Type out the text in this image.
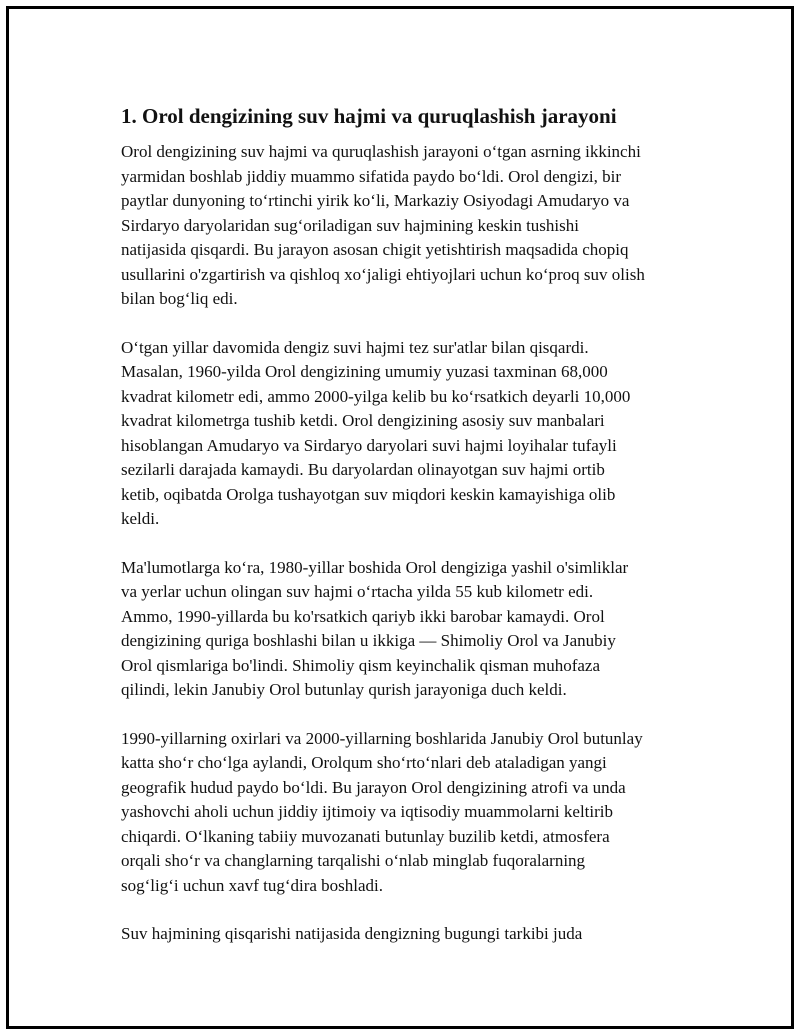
1. Orol dengizining suv hajmi va quruqlashish jarayoni

Orol dengizining suv hajmi va quruqlashish jarayoni o‘tgan asrning ikkinchi
yarmidan boshlab jiddiy muammo sifatida paydo bo‘ldi. Orol dengizi, bir
paytlar dunyoning to‘rtinchi yirik ko‘li, Markaziy Osiyodagi Amudaryo va
Sirdaryo daryolaridan sug‘oriladigan suv hajmining keskin tushishi
natijasida qisqardi. Bu jarayon asosan chigit yetishtirish maqsadida chopiq
usullarini o'zgartirish va qishloq xo‘jaligi ehtiyojlari uchun ko‘proq suv olish
bilan bog‘liq edi.

O‘tgan yillar davomida dengiz suvi hajmi tez sur'atlar bilan qisqardi.
Masalan, 1960-yilda Orol dengizining umumiy yuzasi taxminan 68,000
kvadrat kilometr edi, ammo 2000-yilga kelib bu ko‘rsatkich deyarli 10,000
kvadrat kilometrga tushib ketdi. Orol dengizining asosiy suv manbalari
hisoblangan Amudaryo va Sirdaryo daryolari suvi hajmi loyihalar tufayli
sezilarli darajada kamaydi. Bu daryolardan olinayotgan suv hajmi ortib
ketib, oqibatda Orolga tushayotgan suv miqdori keskin kamayishiga olib
keldi.

Ma'lumotlarga ko‘ra, 1980-yillar boshida Orol dengiziga yashil o'simliklar
va yerlar uchun olingan suv hajmi o‘rtacha yilda 55 kub kilometr edi.
Ammo, 1990-yillarda bu ko'rsatkich qariyb ikki barobar kamaydi. Orol
dengizining quriga boshlashi bilan u ikkiga — Shimoliy Orol va Janubiy
Orol qismlariga bo'lindi. Shimoliy qism keyinchalik qisman muhofaza
qilindi, lekin Janubiy Orol butunlay qurish jarayoniga duch keldi.

1990-yillarning oxirlari va 2000-yillarning boshlarida Janubiy Orol butunlay
katta sho‘r cho‘lga aylandi, Orolqum sho‘rto‘nlari deb ataladigan yangi
geografik hudud paydo bo‘ldi. Bu jarayon Orol dengizining atrofi va unda
yashovchi aholi uchun jiddiy ijtimoiy va iqtisodiy muammolarni keltirib
chiqardi. O‘lkaning tabiiy muvozanati butunlay buzilib ketdi, atmosfera
orqali sho‘r va changlarning tarqalishi o‘nlab minglab fuqoralarning
sog‘lig‘i uchun xavf tug‘dira boshladi.

Suv hajmining qisqarishi natijasida dengizning bugungi tarkibi juda
